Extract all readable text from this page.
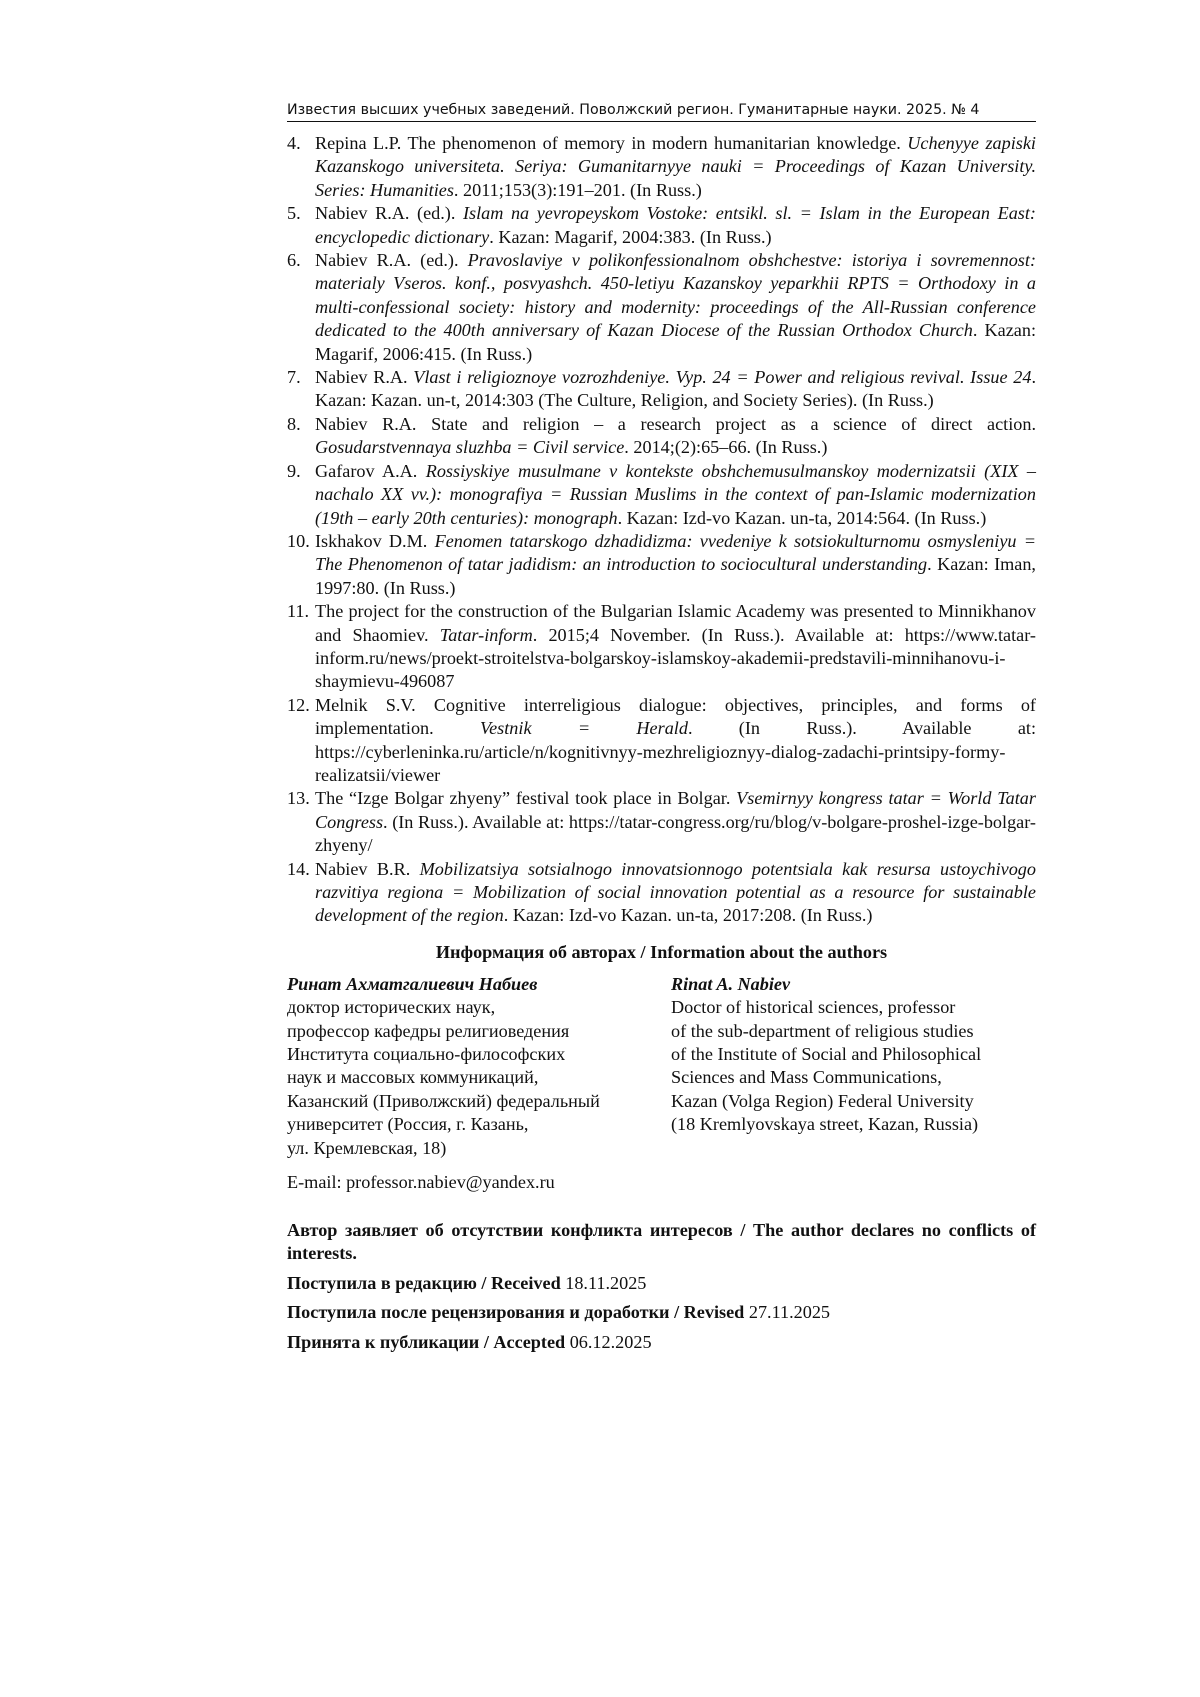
Известия высших учебных заведений. Поволжский регион. Гуманитарные науки. 2025. № 4
4. Repina L.P. The phenomenon of memory in modern humanitarian knowledge. Uchenyye zapiski Kazanskogo universiteta. Seriya: Gumanitarnyye nauki = Proceedings of Kazan University. Series: Humanities. 2011;153(3):191–201. (In Russ.)
5. Nabiev R.A. (ed.). Islam na yevropeyskom Vostoke: entsikl. sl. = Islam in the European East: encyclopedic dictionary. Kazan: Magarif, 2004:383. (In Russ.)
6. Nabiev R.A. (ed.). Pravoslaviye v polikonfessionalnom obshchestve: istoriya i sovremennost: materialy Vseros. konf., posvyashch. 450-letiyu Kazanskoy yeparkhii RPTS = Orthodoxy in a multi-confessional society: history and modernity: proceedings of the All-Russian conference dedicated to the 400th anniversary of Kazan Diocese of the Russian Orthodox Church. Kazan: Magarif, 2006:415. (In Russ.)
7. Nabiev R.A. Vlast i religioznoye vozrozhdeniye. Vyp. 24 = Power and religious revival. Issue 24. Kazan: Kazan. un-t, 2014:303 (The Culture, Religion, and Society Series). (In Russ.)
8. Nabiev R.A. State and religion – a research project as a science of direct action. Gosudarstvennaya sluzhba = Civil service. 2014;(2):65–66. (In Russ.)
9. Gafarov A.A. Rossiyskiye musulmane v kontekste obshchemusulmanskoy modernizatsii (XIX – nachalo XX vv.): monografiya = Russian Muslims in the context of pan-Islamic modernization (19th – early 20th centuries): monograph. Kazan: Izd-vo Kazan. un-ta, 2014:564. (In Russ.)
10. Iskhakov D.M. Fenomen tatarskogo dzhadidizma: vvedeniye k sotsiokulturnomu osmysleniyu = The Phenomenon of tatar jadidism: an introduction to sociocultural understanding. Kazan: Iman, 1997:80. (In Russ.)
11. The project for the construction of the Bulgarian Islamic Academy was presented to Minnikhanov and Shaomiev. Tatar-inform. 2015;4 November. (In Russ.). Available at: https://www.tatar-inform.ru/news/proekt-stroitelstva-bolgarskoy-islamskoy-akademii-predstavili-minnihanovu-i-shaymievu-496087
12. Melnik S.V. Cognitive interreligious dialogue: objectives, principles, and forms of implementation. Vestnik = Herald. (In Russ.). Available at: https://cyberleninka.ru/article/n/kognitivnyy-mezhreligioznyy-dialog-zadachi-printsipy-formy-realizatsii/viewer
13. The “Izge Bolgar zhyeny” festival took place in Bolgar. Vsemirnyy kongress tatar = World Tatar Congress. (In Russ.). Available at: https://tatar-congress.org/ru/blog/v-bolgare-proshel-izge-bolgar-zhyeny/
14. Nabiev B.R. Mobilizatsiya sotsialnogo innovatsionnogo potentsiala kak resursa ustoychivogo razvitiya regiona = Mobilization of social innovation potential as a resource for sustainable development of the region. Kazan: Izd-vo Kazan. un-ta, 2017:208. (In Russ.)
Информация об авторах / Information about the authors
Ринат Ахматгалиевич Набиев
доктор исторических наук,
профессор кафедры религиоведения
Института социально-философских
наук и массовых коммуникаций,
Казанский (Приволжский) федеральный
университет (Россия, г. Казань,
ул. Кремлевская, 18)
Rinat A. Nabiev
Doctor of historical sciences, professor
of the sub-department of religious studies
of the Institute of Social and Philosophical
Sciences and Mass Communications,
Kazan (Volga Region) Federal University
(18 Kremlyovskaya street, Kazan, Russia)
E-mail: professor.nabiev@yandex.ru
Автор заявляет об отсутствии конфликта интересов / The author declares no conflicts of interests.
Поступила в редакцию / Received 18.11.2025
Поступила после рецензирования и доработки / Revised 27.11.2025
Принята к публикации / Accepted 06.12.2025
